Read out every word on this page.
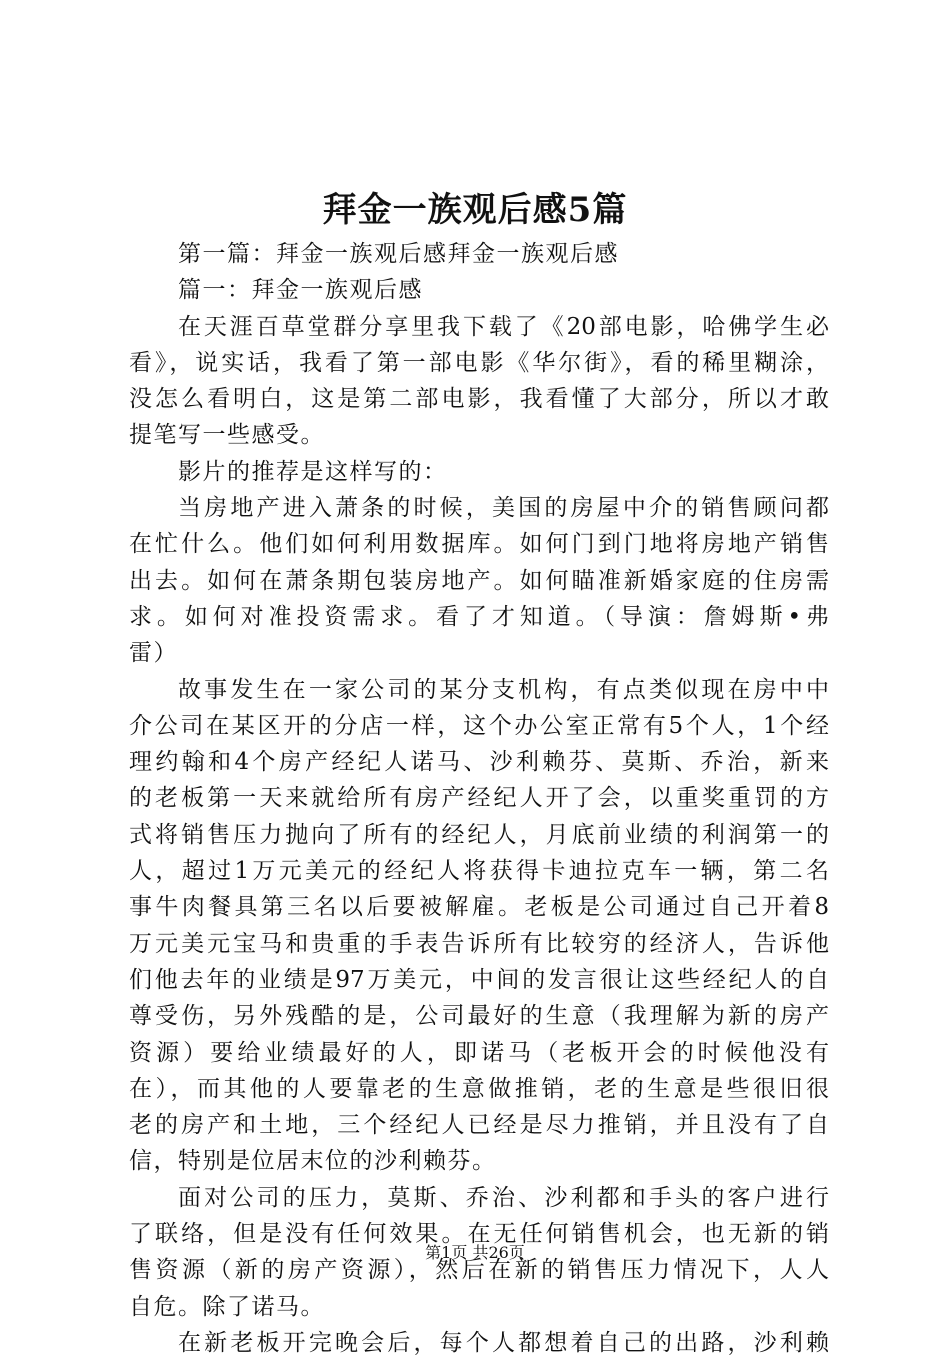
拜金一族观后感5篇
第一篇：拜金一族观后感拜金一族观后感
篇一：拜金一族观后感
在天涯百草堂群分享里我下载了《20部电影，哈佛学生必
看》，说实话，我看了第一部电影《华尔街》，看的稀里糊涂，
没怎么看明白，这是第二部电影，我看懂了大部分，所以才敢
提笔写一些感受。
影片的推荐是这样写的：
当房地产进入萧条的时候，美国的房屋中介的销售顾问都
在忙什么。他们如何利用数据库。如何门到门地将房地产销售
出去。如何在萧条期包装房地产。如何瞄准新婚家庭的住房需
求。如何对准投资需求。看了才知道。（导演：詹姆斯•弗
雷）
故事发生在一家公司的某分支机构，有点类似现在房中中
介公司在某区开的分店一样，这个办公室正常有5个人，1个经
理约翰和4个房产经纪人诺马、沙利赖芬、莫斯、乔治，新来
的老板第一天来就给所有房产经纪人开了会，以重奖重罚的方
式将销售压力抛向了所有的经纪人，月底前业绩的利润第一的
人，超过1万元美元的经纪人将获得卡迪拉克车一辆，第二名
事牛肉餐具第三名以后要被解雇。老板是公司通过自己开着8
万元美元宝马和贵重的手表告诉所有比较穷的经济人，告诉他
们他去年的业绩是97万美元，中间的发言很让这些经纪人的自
尊受伤，另外残酷的是，公司最好的生意（我理解为新的房产
资源）要给业绩最好的人，即诺马（老板开会的时候他没有
在），而其他的人要靠老的生意做推销，老的生意是些很旧很
老的房产和土地，三个经纪人已经是尽力推销，并且没有了自
信，特别是位居末位的沙利赖芬。
面对公司的压力，莫斯、乔治、沙利都和手头的客户进行
了联络，但是没有任何效果。在无任何销售机会，也无新的销
售资源（新的房产资源），然后在新的销售压力情况下，人人
自危。除了诺马。
在新老板开完晚会后，每个人都想着自己的出路，沙利赖
第1页 共26页
